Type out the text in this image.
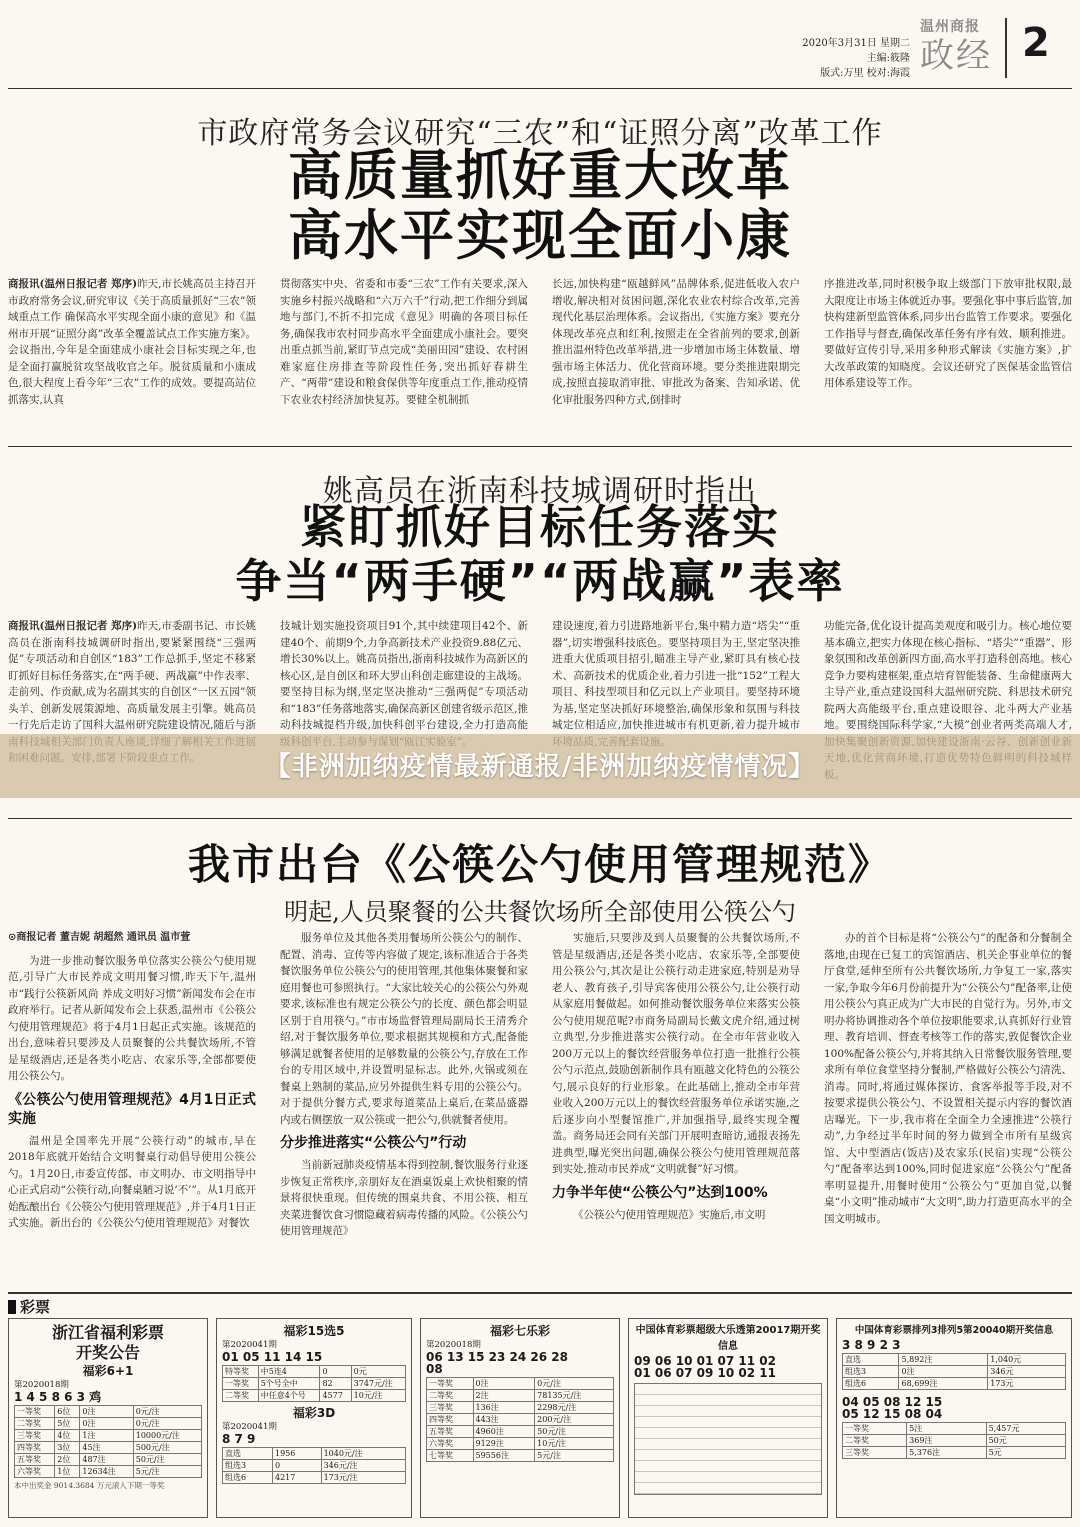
2020年3月31日 星期二
主编:筱隆
版式:万里 校对:海霞
温州商报
政经 2
市政府常务会议研究“三农”和“证照分离”改革工作
高质量抓好重大改革
高水平实现全面小康
商报讯(温州日报记者 郑序)昨天,市长姚高员主持召开市政府常务会议,研究审议《关于高质量抓好“三农”领域重点工作 确保高水平实现全面小康的意见》和《温州市开展“证照分离”改革全覆盖试点工作实施方案》。会议指出,今年是全面建成小康社会目标实现之年,也是全面打赢脱贫攻坚战收官之年。脱贫质量和小康成色,很大程度上看今年“三农”工作的成效。要提高站位抓落实,认真
贯彻落实中央、省委和市委“三农”工作有关要求,深入实施乡村振兴战略和“六万六千”行动,把工作细分到属地与部门,不折不扣完成《意见》明确的各项目标任务,确保我市农村同步高水平全面建成小康社会。要突出重点抓当前,紧盯节点完成“美丽田园”建设、农村困难家庭住房排查等阶段性任务,突出抓好春耕生产、“两带”建设和粮食保供等年度重点工作,推动疫情下农业农村经济加快复苏。要健全机制抓
长远,加快构建“瓯越鲜风”品牌体系,促进低收入农户增收,解决相对贫困问题,深化农业农村综合改革,完善现代化基层治理体系。会议指出,《实施方案》要充分体现改革亮点和红利,按照走在全省前列的要求,创新推出温州特色改革举措,进一步增加市场主体数量、增强市场主体活力、优化营商环境。要分类推进限期完成,按照直接取消审批、审批改为备案、告知承诺、优化审批服务四种方式,倒排时
序推进改革,同时积极争取上级部门下放审批权限,最大限度让市场主体就近办事。要强化事中事后监管,加快构建新型监管体系,同步出台监管工作要求。要强化工作指导与督查,确保改革任务有序有效、顺利推进。要做好宣传引导,采用多种形式解读《实施方案》,扩大改革政策的知晓度。会议还研究了医保基金监管信用体系建设等工作。
姚高员在浙南科技城调研时指出
紧盯抓好目标任务落实
争当“两手硬”“两战赢”表率
商报讯(温州日报记者 郑序)昨天,市委副书记、市长姚高员在浙南科技城调研时指出,要紧紧围绕“三强两促”专项活动和自创区“183”工作总抓手,坚定不移紧盯抓好目标任务落实,在“两手硬、两战赢”中作表率、走前列、作贡献,成为名副其实的自创区“一区五园”领头羊、创新发展策源地、高质量发展主引擎。姚高员一行先后走访了国科大温州研究院建设情况,随后与浙
技城计划实施投资项目91个,其中续建项目42个、新建40个、前期9个,力争高新技术产业投资9.88亿元、增长30%以上。姚高员指出,浙南科技城作为高新区的核心区,是自创区和环大罗山科创走廊建设的主战场。要坚持目标为纲,坚定坚决推动“三强两促”专项活动和“183”任务落地落实,确保高新区创建省级示范区,推动科技城提档升级,加快科创平台建设,全力打造高能
建设速度,着力引进路地新平台,集中精力造“塔尖”“重器”,切实增强科技底色。要坚持项目为王,坚定坚决推进重大优质项目招引,瞄准主导产业,紧盯具有核心技术、高新技术的优质企业,着力引进一批“152”工程大项目、科技型项目和亿元以上产业项目。要坚持环境为基,坚定坚决抓好环境整治,确保形象和氛围与科技城定位相适应,加快推进城市有机更新,着力提升城市
功能完备,优化设计提高美观度和吸引力。核心地位要基本确立,把实力体现在核心指标、“塔尖”“重器”、形象氛围和改革创新四方面,高水平打造科创高地。核心竞争力要构建框架,重点培育智能装备、生命健康两大主导产业,重点建设国科大温州研究院、科思技术研究院两大高能级平台,重点建设眼谷、北斗两大产业基地。要围绕国际科学家,“大模”创业者两类高端人才,
【非洲加纳疫情最新通报/非洲加纳疫情情况】
我市出台《公筷公勺使用管理规范》
明起,人员聚餐的公共餐饮场所全部使用公筷公勺
⊙商报记者 董吉妮 胡超然 通讯员 温市萱

为进一步推动餐饮服务单位落实公筷公勺使用规范,引导广大市民养成文明用餐习惯,昨天下午,温州市“践行公筷新风尚 养成文明好习惯”新闻发布会在市政府举行。记者从新闻发布会上获悉,温州市《公筷公勺使用管理规范》将于4月1日起正式实施。该规范的出台,意味着只要涉及人员聚餐的公共餐饮场所,不管是星级酒店,还是各类小吃店、农家乐等,全部都要使用公筷公勺。

《公筷公勺使用管理规范》4月1日正式实施

温州是全国率先开展“公筷行动”的城市,早在2018年底就开始结合文明餐桌行动倡导使用公筷公勺。1月20日,市委宣传部、市文明办、市文明指导中心正式启动“公筷行动,向餐桌陋习说‘不’”。从1月底开始酝酿出台《公筷公勺使用管理规范》,并于4月1日正式实施。新出台的《公筷公勺使用管理规范》对餐饮

服务单位及其他各类用餐场所公筷公勺的制作、配置、消毒、宣传等内容做了规定,该标准适合于各类餐饮服务单位公筷公勺的使用管理,其他集体聚餐和家庭用餐也可参照执行。“大家比较关心的公筷公勺外观要求,该标准也有规定公筷公勺的长度、颜色都会明显区别于自用筷勺。”市市场监督管理局副局长王清秀介绍,对于餐饮服务单位,要求根据其规模和方式,配备能够满足就餐者使用的足够数量的公筷公勺,存放在工作台的专用区域中,并设置明显标志。此外,火锅或须在餐桌上熟制的菜品,应另外提供生料专用的公筷公勺。对于提供分餐方式,要求每道菜品上桌后,在菜品盛器内或右侧摆放一双公筷或一把公勺,供就餐者使用。

分步推进落实“公筷公勺”行动

当前新冠肺炎疫情基本得到控制,餐饮服务行业逐步恢复正常秩序,亲朋好友在酒桌饭桌上欢快相聚的情景将很快重现。但传统的围桌共食、不用公筷、相互夹菜进餐饮食习惯隐藏着病毒传播的风险。《公筷公勺使用管理规范》

实施后,只要涉及到人员聚餐的公共餐饮场所,不管是星级酒店,还是各类小吃店、农家乐等,全部要使用公筷公勺,其次是让公筷行动走进家庭,特别是劝导老人、教育孩子,引导宾客使用公筷公勺,让公筷行动从家庭用餐做起。如何推动餐饮服务单位来落实公筷公勺使用规范呢?市商务局副局长戴文虎介绍,通过树立典型,分步推进落实公筷行动。在全市年营业收入200万元以上的餐饮经营服务单位打造一批推行公筷公勺示范点,鼓励创新制作具有瓯越文化特色的公筷公勺,展示良好的行业形象。在此基础上,推动全市年营业收入200万元以上的餐饮经营服务单位承诺实施,之后逐步向小型餐馆推广,并加强指导,最终实现全覆盖。商务局还会同有关部门开展明查暗访,通报表扬先进典型,曝光突出问题,确保公筷公勺使用管理规范落到实处,推动市民养成“文明就餐”好习惯。

力争半年使“公筷公勺”达到100%

《公筷公勺使用管理规范》实施后,市文明

办的首个目标是将“公筷公勺”的配备和分餐制全落地,由现在已复工的宾馆酒店、机关企事业单位的餐厅食堂,延伸至所有公共餐饮场所,力争复工一家,落实一家,争取今年6月份前提升为“公筷公勺”配备率,让使用公筷公勺真正成为广大市民的自觉行为。另外,市文明办将协调推动各个单位按职能要求,认真抓好行业管理、教育培训、督查考核等工作的落实,敦促餐饮企业100%配备公筷公勺,并将其纳入日常餐饮服务管理,要求所有单位食堂坚持分餐制,严格做好公筷公勺清洗、消毒。同时,将通过媒体探访、食客举报等手段,对不按要求提供公筷公勺、不设置相关提示内容的餐饮酒店曝光。下一步,我市将在全面全力全速推进“公筷行动”,力争经过半年时间的努力做到全市所有星级宾馆、大中型酒店(饭店)及农家乐(民宿)实现“公筷公勺”配备率达到100%,同时促进家庭“公筷公勺”配备率明显提升,用餐时使用“公筷公勺”更加自觉,以餐桌“小文明”推动城市“大文明”,助力打造更高水平的全国文明城市。

彩票
浙江省福利彩票
开奖公告
福彩6+1
第2020018期
1 4 5 8 6 3 鸡
一等奖	6位	0注	0元/注
二等奖	5位	0注	0元/注
三等奖	4位	1注	10000元/注
四等奖	3位	45注	500元/注
五等奖	2位	487注	50元/注
六等奖	1位	12634注	5元/注
本中出奖金 9014.3684 万元滚入下期一等奖
福彩15选5
第2020041期
01 05 11 14 15
特等奖	中5连4	0	0元
一等奖	5个号全中	82	3747元/注
二等奖	中任意4个号	4577	10元/注
福彩3D
第2020041期
8 7 9
直选	1956	1040元/注
组选3	0	346元/注
组选6	4217	173元/注
福彩七乐彩
第2020018期
06 13 15 23 24 26 28
08
一等奖	0注	0元/注
二等奖	2注	78135元/注
三等奖	136注	2298元/注
四等奖	443注	200元/注
五等奖	4960注	50元/注
六等奖	9129注	10元/注
七等奖	59556注	5元/注
中国体育彩票超级大乐透第20017期开奖信息
09 06 10 01 07 11 02
01 06 07 09 10 02 11
中国体育彩票排列3排列5第20040期开奖信息
3 8 9 2 3
直选	5,892注	1,040元
组选3	0注	346元
组选6	68,699注	173元
04 05 08 12 15
05 12 15 08 04
一等奖	5注	5,457元
二等奖	369注	50元
三等奖	5,376注	5元
